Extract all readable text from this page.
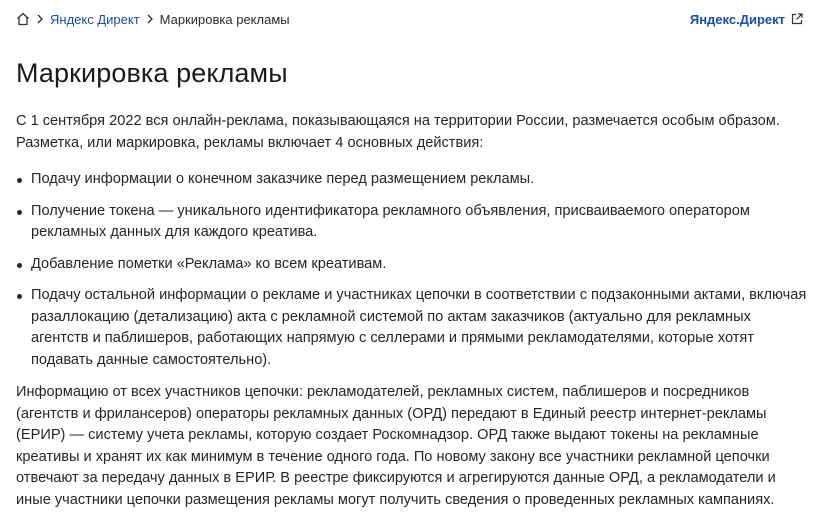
Яндекс Директ Маркировка рекламы	Яндекс.Директ
Маркировка рекламы

С 1 сентября 2022 вся онлайн-реклама, показывающаяся на территории России, размечается особым образом. Разметка, или маркировка, рекламы включает 4 основных действия:

Подачу информации о конечном заказчике перед размещением рекламы.
Получение токена — уникального идентификатора рекламного объявления, присваиваемого оператором рекламных данных для каждого креатива.
Добавление пометки «Реклама» ко всем креативам.
Подачу остальной информации о рекламе и участниках цепочки в соответствии с подзаконными актами, включая разаллокацию (детализацию) акта с рекламной системой по актам заказчиков (актуально для рекламных агентств и паблишеров, работающих напрямую с селлерами и прямыми рекламодателями, которые хотят подавать данные самостоятельно).

Информацию от всех участников цепочки: рекламодателей, рекламных систем, паблишеров и посредников (агентств и фрилансеров) операторы рекламных данных (ОРД) передают в Единый реестр интернет-рекламы (ЕРИР) — систему учета рекламы, которую создает Роскомнадзор. ОРД также выдают токены на рекламные креативы и хранят их как минимум в течение одного года. По новому закону все участники рекламной цепочки отвечают за передачу данных в ЕРИР. В реестре фиксируются и агрегируются данные ОРД, а рекламодатели и иные участники цепочки размещения рекламы могут получить сведения о проведенных рекламных кампаниях.
